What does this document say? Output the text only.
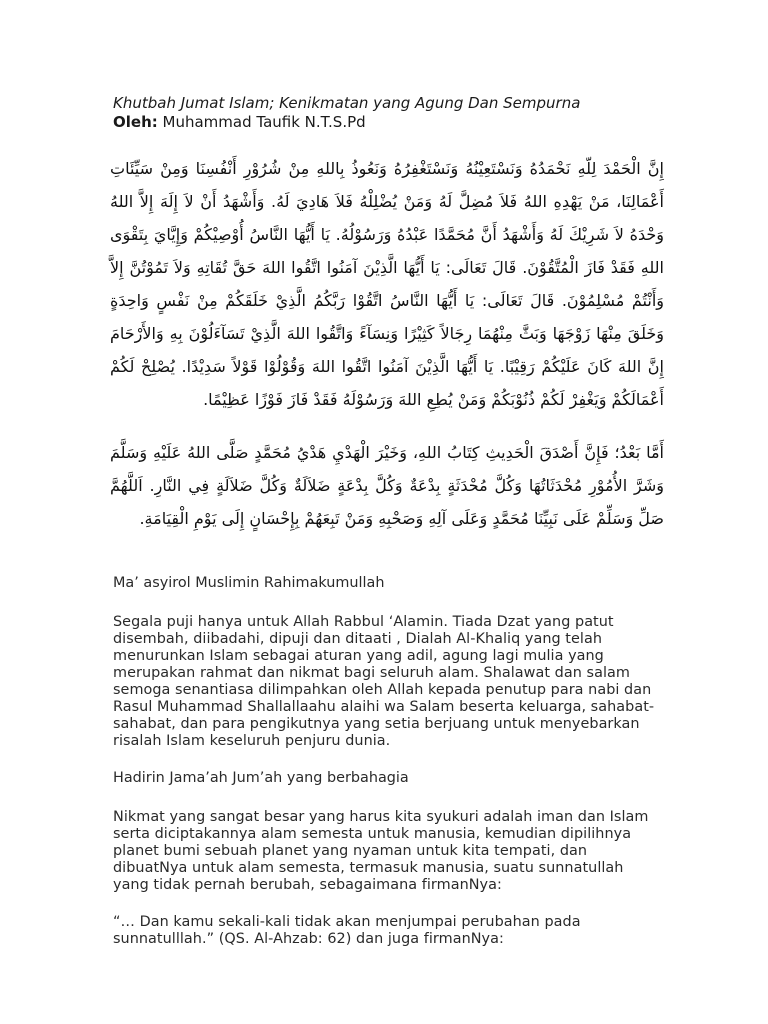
Khutbah Jumat Islam; Kenikmatan yang Agung Dan Sempurna

Oleh: Muhammad Taufik N.T.S.Pd

إِنَّ الْحَمْدَ لِلّهِ نَحْمَدُهُ وَنَسْتَعِيْنُهُ وَنَسْتَغْفِرُهُ وَنَعُوذُ بِاللهِ مِنْ شُرُوْرِ أَنْفُسِنَا وَمِنْ سَيِّئَاتِ أَعْمَالِنَا، مَنْ يَهْدِهِ اللهُ فَلاَ مُضِلَّ لَهُ وَمَنْ يُضْلِلْهُ فَلاَ هَادِيَ لَهُ. وَأَشْهَدُ أَنْ لاَ إِلَهَ إِلاَّ اللهُ وَحْدَهُ لاَ شَرِيْكَ لَهُ وَأَشْهَدُ أَنَّ مُحَمَّدًا عَبْدُهُ وَرَسُوْلُهُ. يَا أَيُّهَا النَّاسُ أُوْصِيْكُمْ وَإِيَّايَ بِتَقْوَى اللهِ فَقَدْ فَازَ الْمُتَّقُوْنَ. قَالَ تَعَالَى: يَا أَيُّهَا الَّذِيْنَ آمَنُوا اتَّقُوا اللهَ حَقَّ تُقَاتِهِ وَلاَ تَمُوْتُنَّ إِلاَّ وَأَنْتُمْ مُسْلِمُوْنَ. قَالَ تَعَالَى: يَا أَيُّهَا النَّاسُ اتَّقُوْا رَبَّكُمُ الَّذِيْ خَلَقَكُمْ مِنْ نَفْسٍ وَاحِدَةٍ وَخَلَقَ مِنْهَا زَوْجَهَا وَبَثَّ مِنْهُمَا رِجَالاً كَثِيْرًا وَنِسَآءً وَاتَّقُوا اللهَ الَّذِيْ تَسَآءَلُوْنَ بِهِ وَالأَرْحَامَ إِنَّ اللهَ كَانَ عَلَيْكُمْ رَقِيْبًا. يَا أَيُّهَا الَّذِيْنَ آمَنُوا اتَّقُوا اللهَ وَقُوْلُوْا قَوْلاً سَدِيْدًا. يُصْلِحْ لَكُمْ أَعْمَالَكُمْ وَيَغْفِرْ لَكُمْ ذُنُوْبَكُمْ وَمَنْ يُطِعِ اللهَ وَرَسُوْلَهُ فَقَدْ فَازَ فَوْزًا عَظِيْمًا.

أَمَّا بَعْدُ؛ فَإِنَّ أَصْدَقَ الْحَدِيثِ كِتَابُ اللهِ، وَخَيْرَ الْهَدْيِ هَدْيُ مُحَمَّدٍ صَلَّى اللهُ عَلَيْهِ وَسَلَّمَ وَشَرَّ الأُمُوْرِ مُحْدَثَاتُهَا وَكُلَّ مُحْدَثَةٍ بِدْعَةٌ وَكُلَّ بِدْعَةٍ ضَلاَلَةٌ وَكُلَّ ضَلاَلَةٍ فِي النَّارِ. اَللَّهُمَّ صَلِّ وَسَلِّمْ عَلَى نَبِيِّنَا مُحَمَّدٍ وَعَلَى آلِهِ وَصَحْبِهِ وَمَنْ تَبِعَهُمْ بِإِحْسَانٍ إِلَى يَوْمِ الْقِيَامَةِ.

Ma’ asyirol Muslimin Rahimakumullah

Segala puji hanya untuk Allah Rabbul ‘Alamin. Tiada Dzat yang patut disembah, diibadahi, dipuji dan ditaati , Dialah Al-Khaliq yang telah menurunkan Islam sebagai aturan yang adil, agung lagi mulia yang merupakan rahmat dan nikmat bagi seluruh alam. Shalawat dan salam semoga senantiasa dilimpahkan oleh Allah kepada penutup para nabi dan Rasul Muhammad Shallallaahu alaihi wa Salam beserta keluarga, sahabat-sahabat, dan para pengikutnya yang setia berjuang untuk menyebarkan risalah Islam keseluruh penjuru dunia.

Hadirin Jama’ah Jum’ah yang berbahagia

Nikmat yang sangat besar yang harus kita syukuri adalah iman dan Islam serta diciptakannya alam semesta untuk manusia, kemudian dipilihnya planet bumi sebuah planet yang nyaman untuk kita tempati, dan dibuatNya untuk alam semesta, termasuk manusia, suatu sunnatullah yang tidak pernah berubah, sebagaimana firmanNya:

“… Dan kamu sekali-kali tidak akan menjumpai perubahan pada sunnatulllah.” (QS. Al-Ahzab: 62) dan juga firmanNya:
